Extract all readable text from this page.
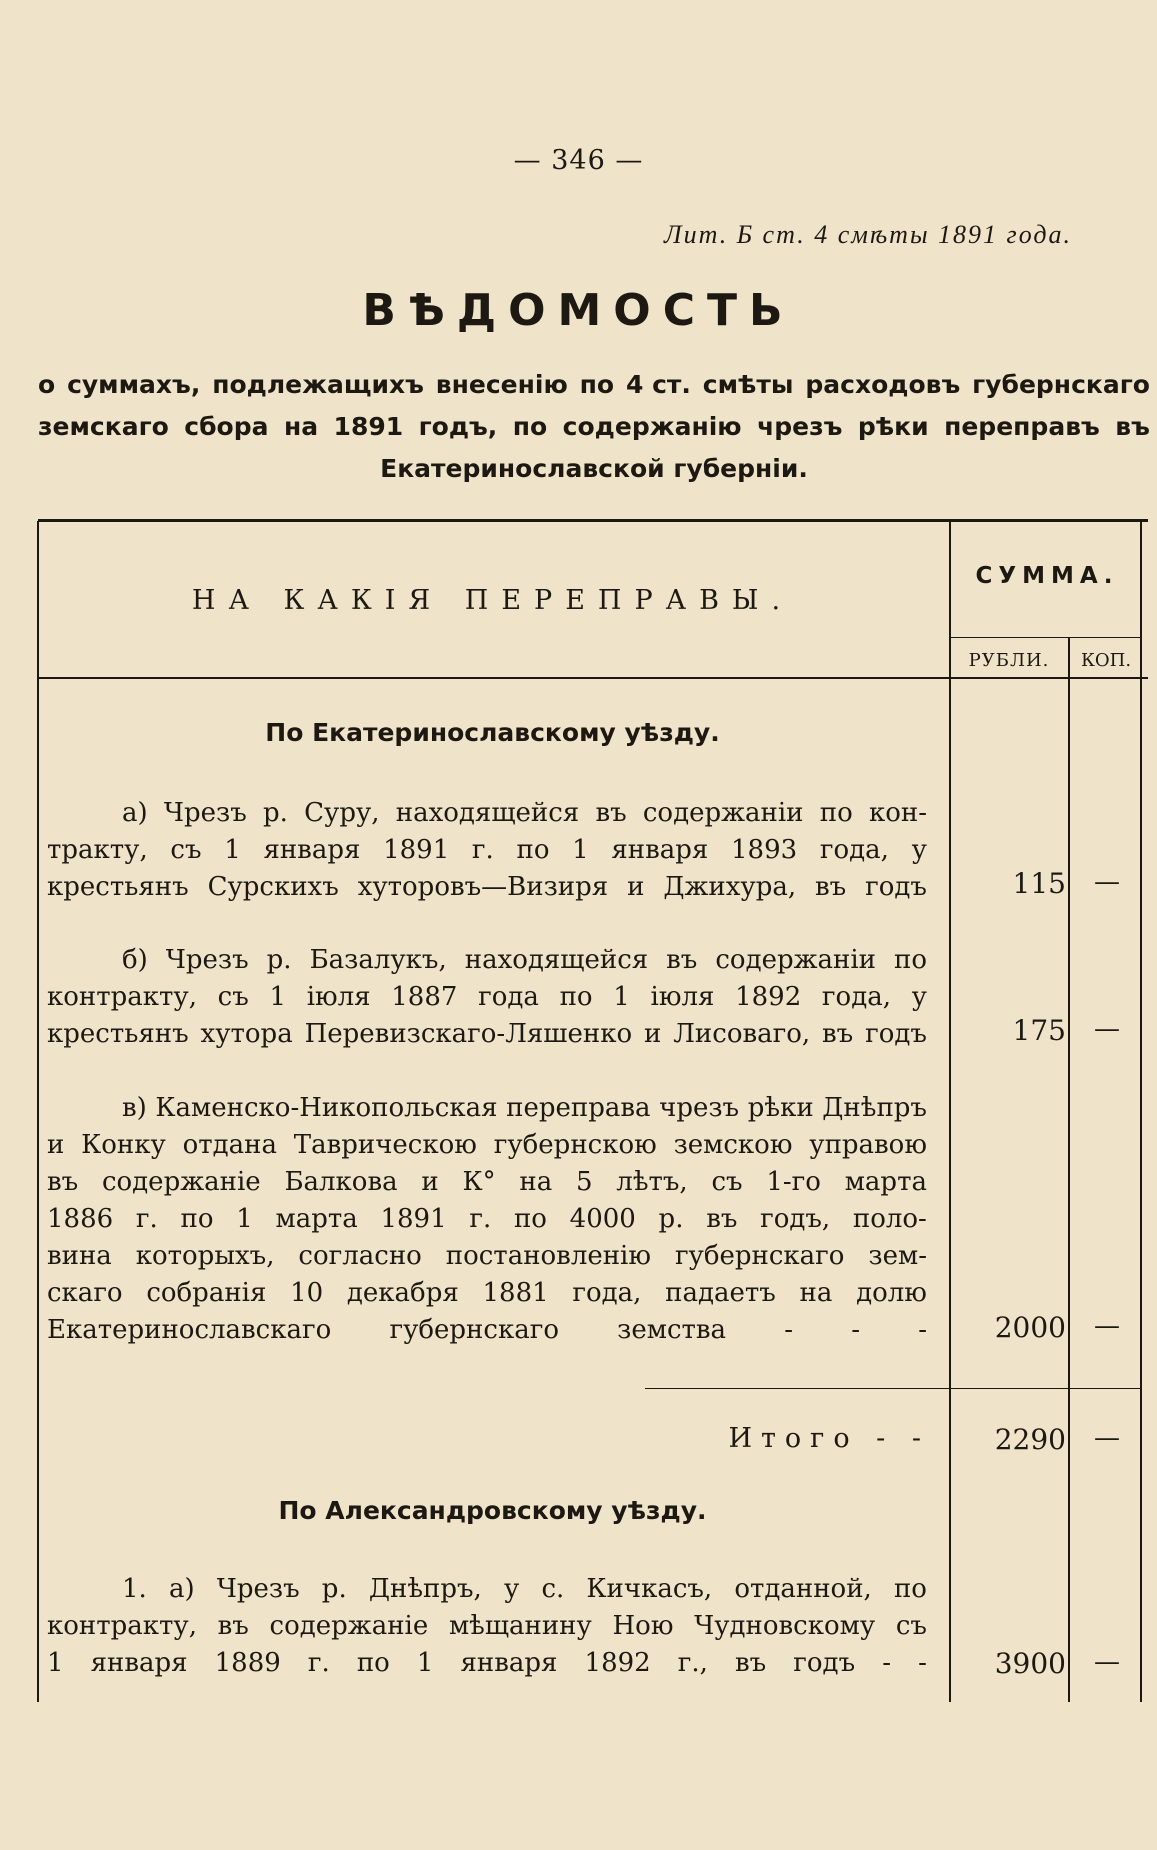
— 346 —
Лит. Б ст. 4 смѣты 1891 года.
ВѢДОМОСТЬ
о суммахъ, подлежащихъ внесенію по 4 ст. смѣты расходовъ губернскаго
земскаго сбора на 1891 годъ, по содержанію чрезъ рѣки переправъ въ
Екатеринославской губерніи.
НА КАКІЯ ПЕРЕПРАВЫ.
СУММА.
РУБЛИ.	КОП.
По Екатеринославскому уѣзду.
а) Чрезъ р. Суру, находящейся въ содержаніи по кон-
тракту, съ 1 января 1891 г. по 1 января 1893 года, у
крестьянъ Сурскихъ хуторовъ—Визиря и Джихура, въ годъ	115	—
б) Чрезъ р. Базалукъ, находящейся въ содержаніи по
контракту, съ 1 іюля 1887 года по 1 іюля 1892 года, у
крестьянъ хутора Перевизскаго-Ляшенко и Лисоваго, въ годъ	175	—
в) Каменско-Никопольская переправа чрезъ рѣки Днѣпръ
и Конку отдана Таврическою губернскою земскою управою
въ содержаніе Балкова и К° на 5 лѣтъ, съ 1-го марта
1886 г. по 1 марта 1891 г. по 4000 р. въ годъ, поло-
вина которыхъ, согласно постановленію губернскаго зем-
скаго собранія 10 декабря 1881 года, падаетъ на долю
Екатеринославскаго губернскаго земства - - -	2000	—
Итого - -	2290	—
По Александровскому уѣзду.
1. а) Чрезъ р. Днѣпръ, у с. Кичкасъ, отданной, по
контракту, въ содержаніе мѣщанину Ною Чудновскому съ
1 января 1889 г. по 1 января 1892 г., въ годъ - -	3900	—
